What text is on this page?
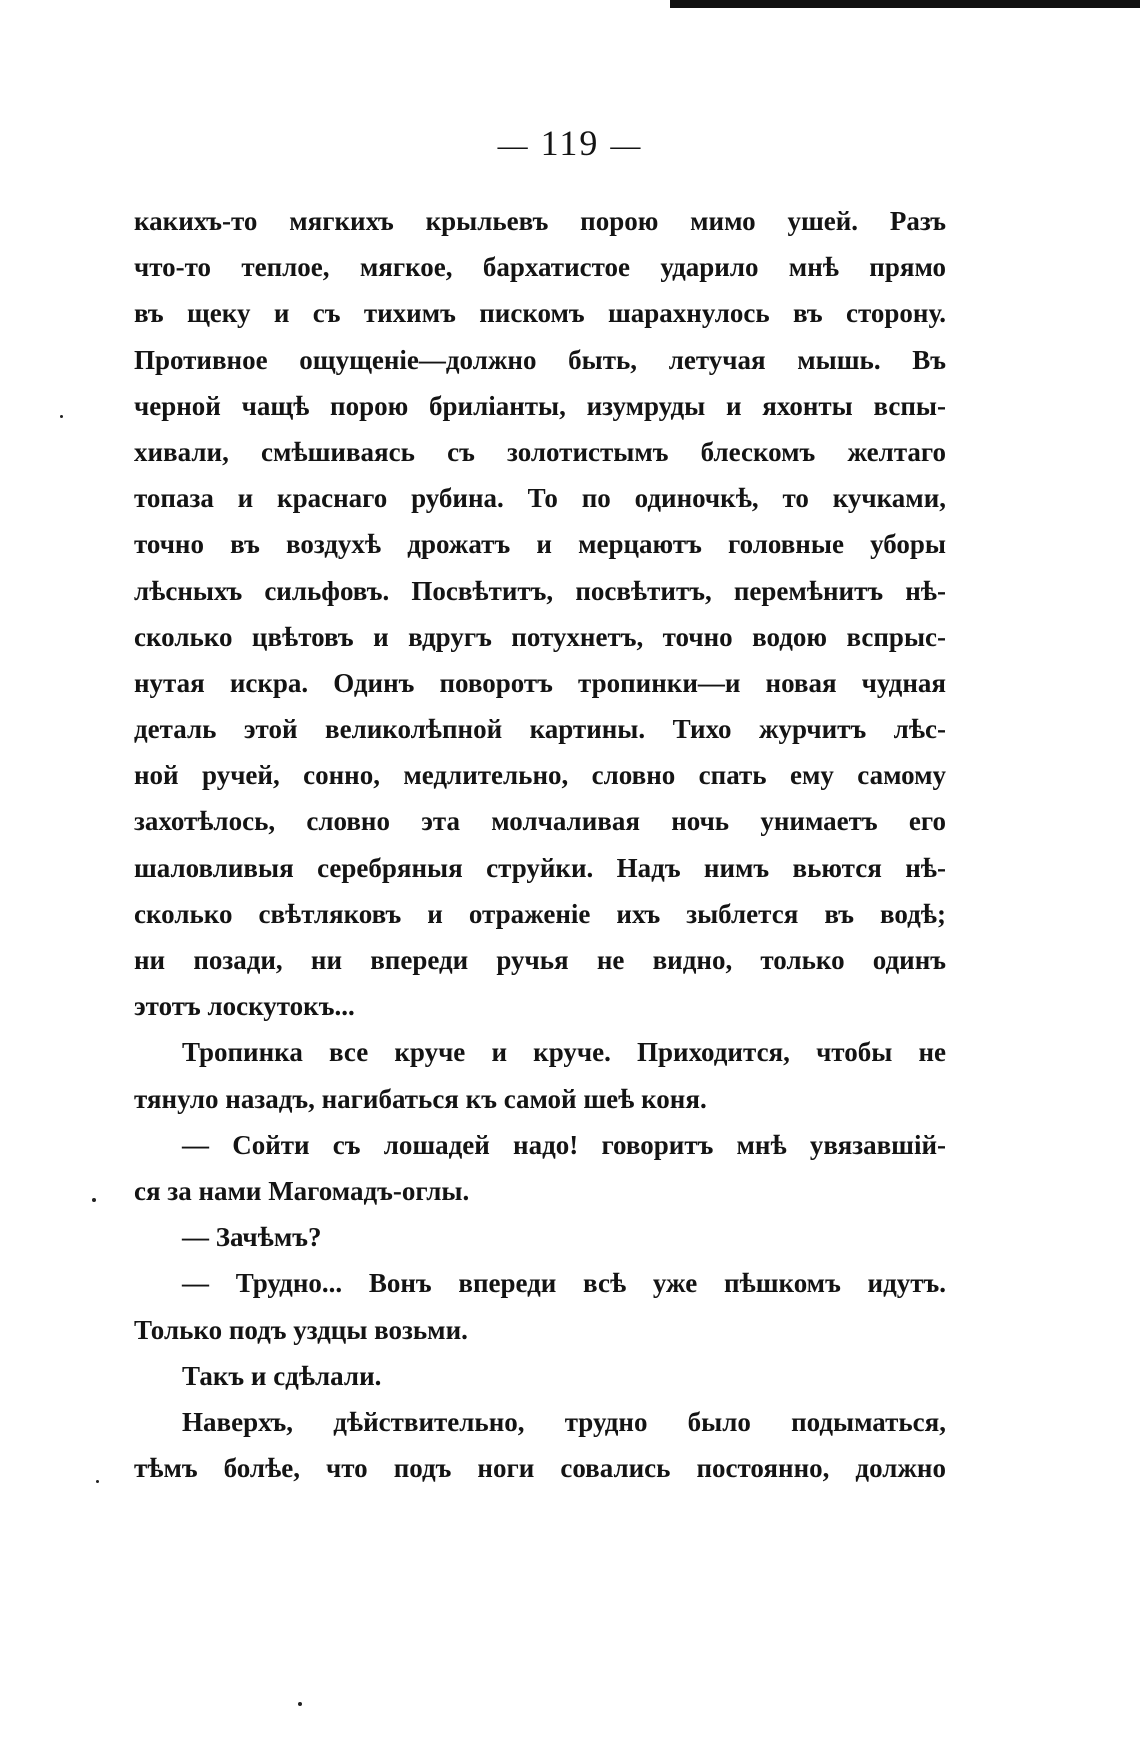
— 119 —
какихъ-то мягкихъ крыльевъ порою мимо ушей. Разъ
что-то теплое, мягкое, бархатистое ударило мнѣ прямо
въ щеку и съ тихимъ пискомъ шарахнулось въ сторону.
Противное ощущеніе—должно быть, летучая мышь. Въ
черной чащѣ порою бриліанты, изумруды и яхонты вспы-
хивали, смѣшиваясь съ золотистымъ блескомъ желтаго
топаза и краснаго рубина. То по одиночкѣ, то кучками,
точно въ воздухѣ дрожатъ и мерцаютъ головные уборы
лѣсныхъ сильфовъ. Посвѣтитъ, посвѣтитъ, перемѣнитъ нѣ-
сколько цвѣтовъ и вдругъ потухнетъ, точно водою вспрыс-
нутая искра. Одинъ поворотъ тропинки—и новая чудная
деталь этой великолѣпной картины. Тихо журчитъ лѣс-
ной ручей, сонно, медлительно, словно спать ему самому
захотѣлось, словно эта молчаливая ночь унимаетъ его
шаловливыя серебряныя струйки. Надъ нимъ вьются нѣ-
сколько свѣтляковъ и отраженіе ихъ зыблется въ водѣ;
ни позади, ни впереди ручья не видно, только одинъ
этотъ лоскутокъ...
Тропинка все круче и круче. Приходится, чтобы не
тянуло назадъ, нагибаться къ самой шеѣ коня.
— Сойти съ лошадей надо! говоритъ мнѣ увязавшій-
ся за нами Магомадъ-оглы.
— Зачѣмъ?
— Трудно... Вонъ впереди всѣ уже пѣшкомъ идутъ.
Только подъ уздцы возьми.
Такъ и сдѣлали.
Наверхъ, дѣйствительно, трудно было подыматься,
тѣмъ болѣе, что подъ ноги совались постоянно, должно
